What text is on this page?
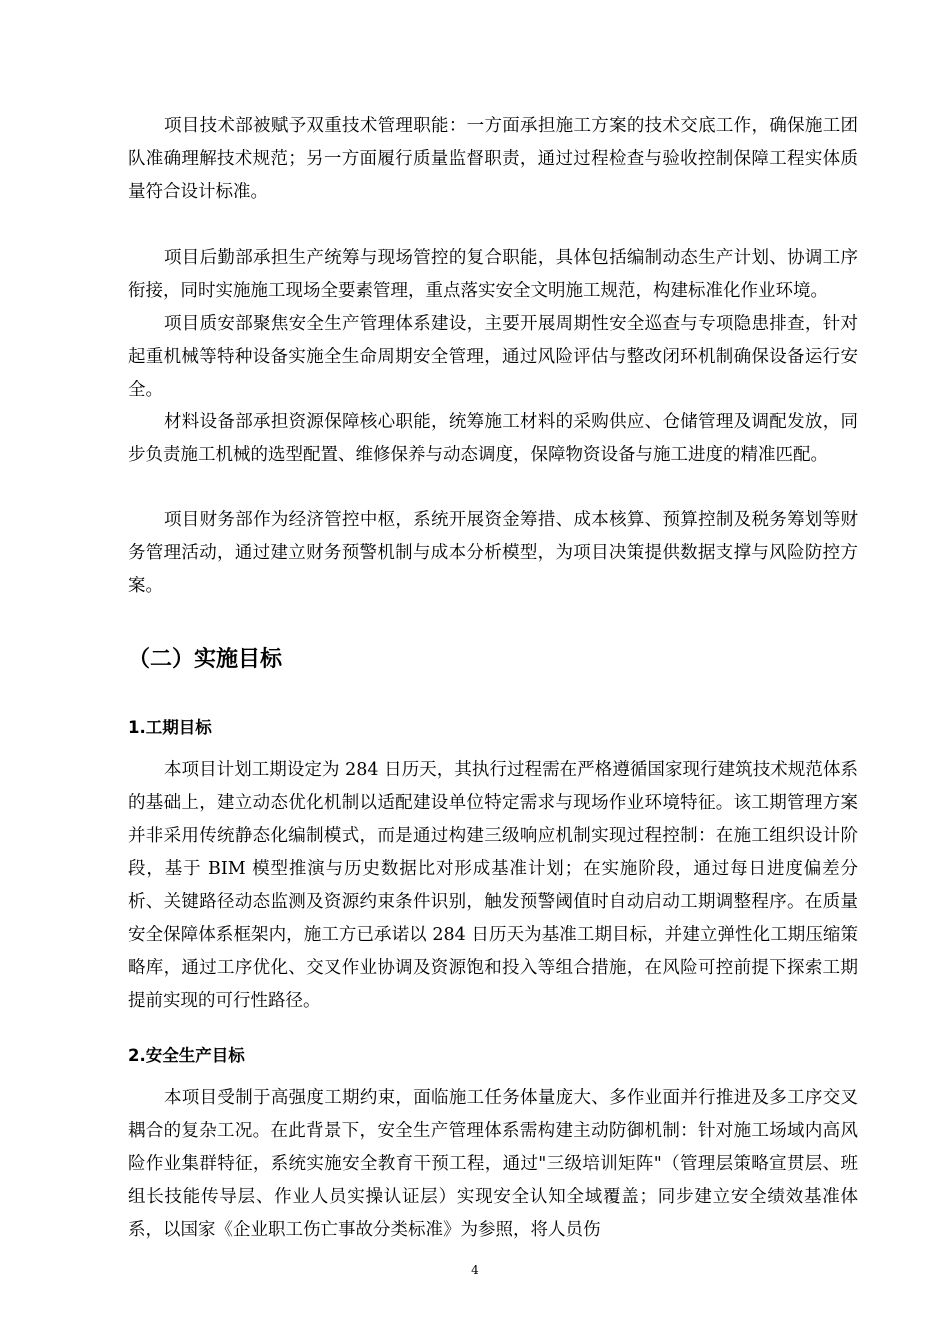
项目技术部被赋予双重技术管理职能：一方面承担施工方案的技术交底工作，确保施工团队准确理解技术规范；另一方面履行质量监督职责，通过过程检查与验收控制保障工程实体质量符合设计标准。

项目后勤部承担生产统筹与现场管控的复合职能，具体包括编制动态生产计划、协调工序衔接，同时实施施工现场全要素管理，重点落实安全文明施工规范，构建标准化作业环境。

项目质安部聚焦安全生产管理体系建设，主要开展周期性安全巡查与专项隐患排查，针对起重机械等特种设备实施全生命周期安全管理，通过风险评估与整改闭环机制确保设备运行安全。

材料设备部承担资源保障核心职能，统筹施工材料的采购供应、仓储管理及调配发放，同步负责施工机械的选型配置、维修保养与动态调度，保障物资设备与施工进度的精准匹配。

项目财务部作为经济管控中枢，系统开展资金筹措、成本核算、预算控制及税务筹划等财务管理活动，通过建立财务预警机制与成本分析模型，为项目决策提供数据支撑与风险防控方案。

（二）实施目标
1.工期目标

本项目计划工期设定为 284 日历天，其执行过程需在严格遵循国家现行建筑技术规范体系的基础上，建立动态优化机制以适配建设单位特定需求与现场作业环境特征。该工期管理方案并非采用传统静态化编制模式，而是通过构建三级响应机制实现过程控制：在施工组织设计阶段，基于 BIM 模型推演与历史数据比对形成基准计划；在实施阶段，通过每日进度偏差分析、关键路径动态监测及资源约束条件识别，触发预警阈值时自动启动工期调整程序。在质量安全保障体系框架内，施工方已承诺以 284 日历天为基准工期目标，并建立弹性化工期压缩策略库，通过工序优化、交叉作业协调及资源饱和投入等组合措施，在风险可控前提下探索工期提前实现的可行性路径。

2.安全生产目标

本项目受制于高强度工期约束，面临施工任务体量庞大、多作业面并行推进及多工序交叉耦合的复杂工况。在此背景下，安全生产管理体系需构建主动防御机制：针对施工场域内高风险作业集群特征，系统实施安全教育干预工程，通过"三级培训矩阵"（管理层策略宣贯层、班组长技能传导层、作业人员实操认证层）实现安全认知全域覆盖；同步建立安全绩效基准体系，以国家《企业职工伤亡事故分类标准》为参照，将人员伤

4
